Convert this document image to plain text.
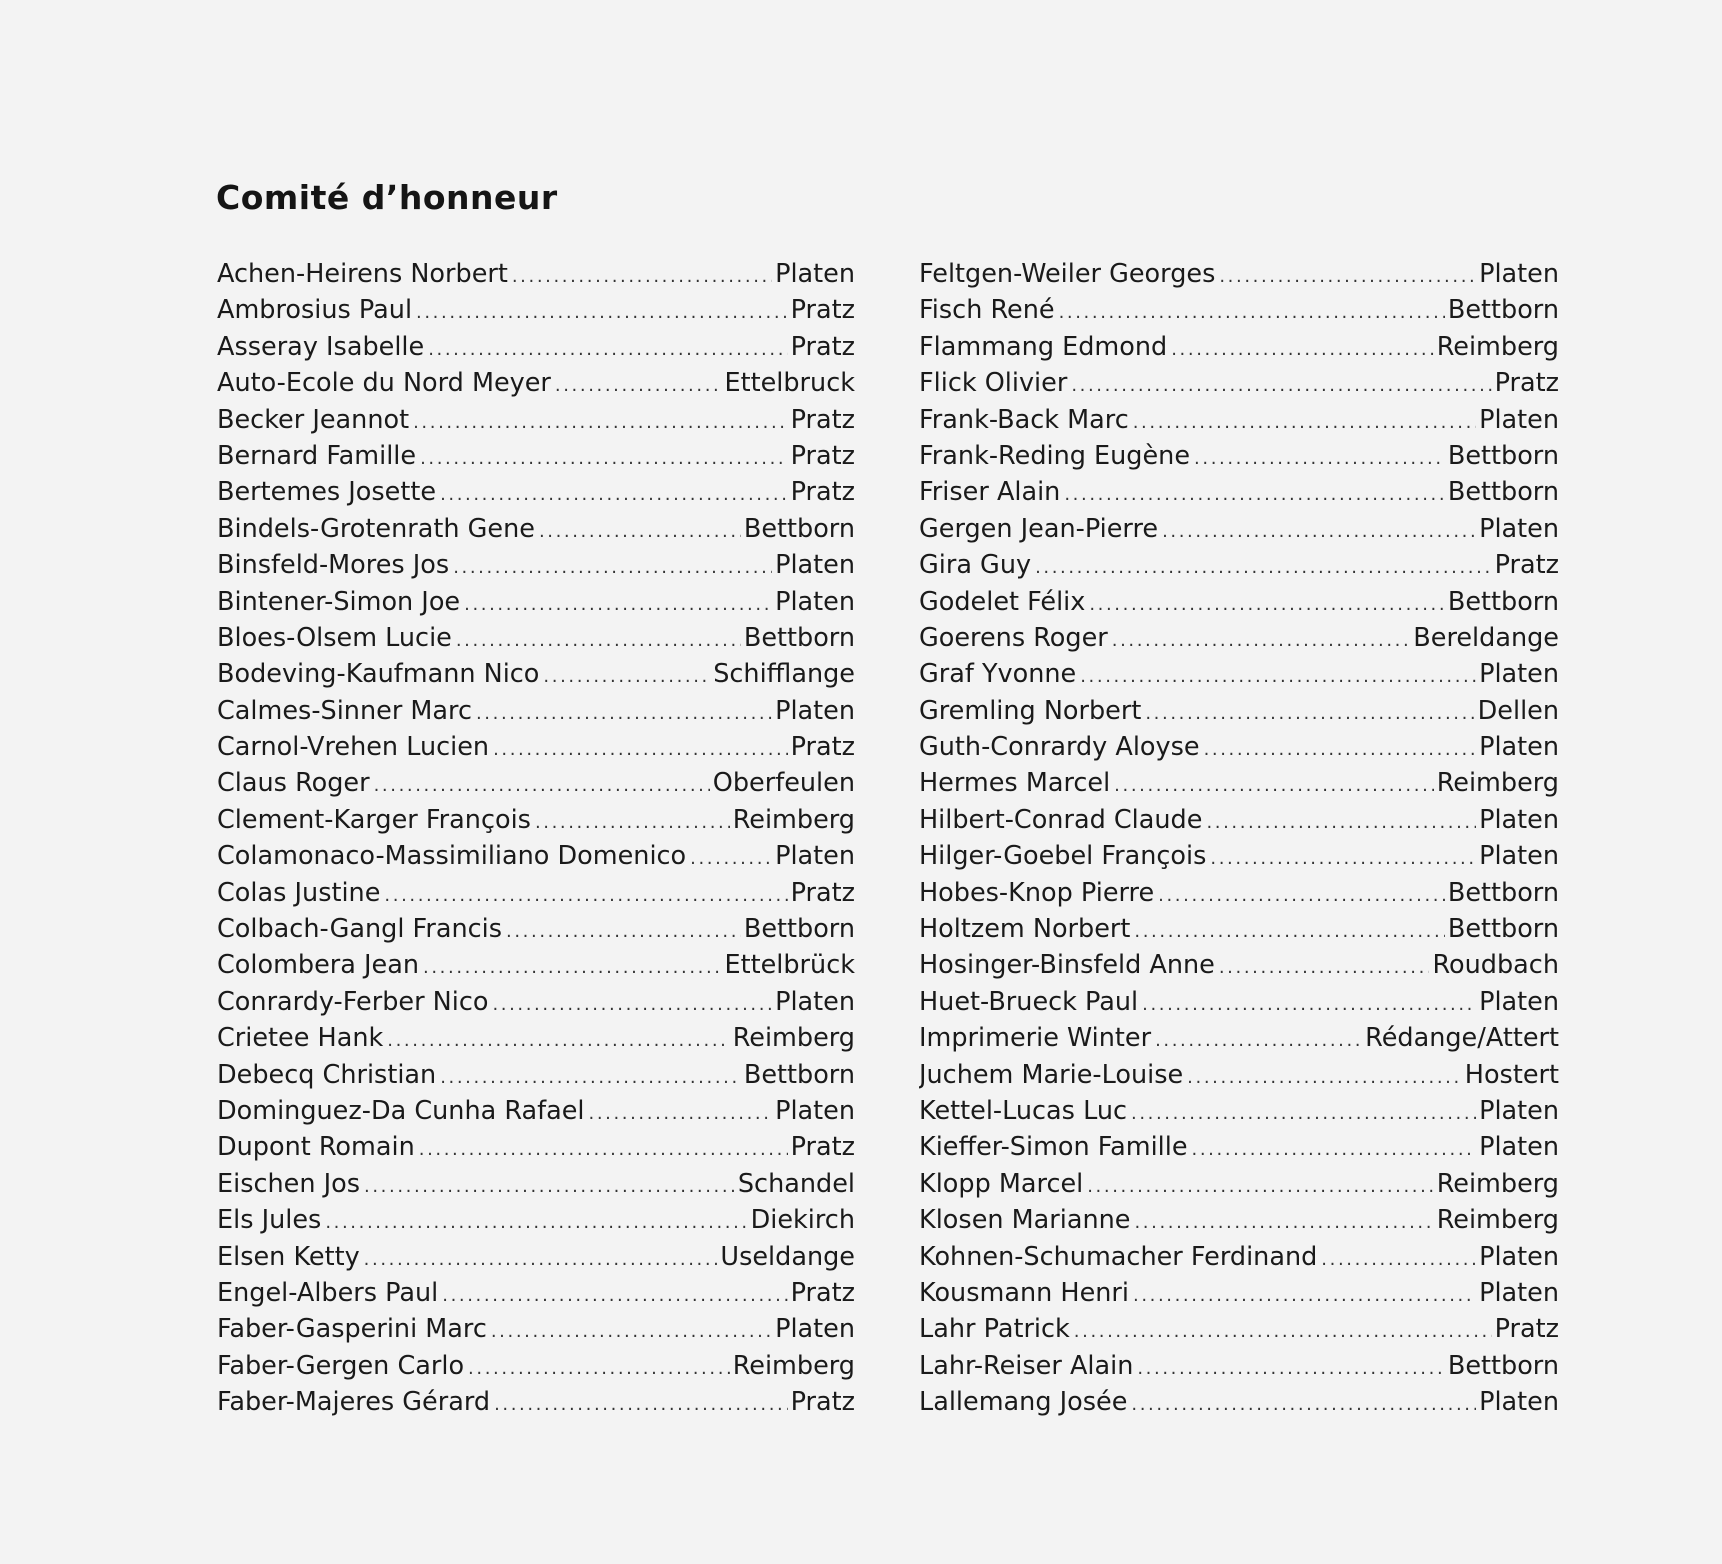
Comité d’honneur
Achen-Heirens Norbert .....	Platen
Ambrosius Paul .....	Pratz
Asseray Isabelle .....	Pratz
Auto-Ecole du Nord Meyer .....	Ettelbruck
Becker Jeannot .....	Pratz
Bernard Famille .....	Pratz
Bertemes Josette .....	Pratz
Bindels-Grotenrath Gene .....	Bettborn
Binsfeld-Mores Jos .....	Platen
Bintener-Simon Joe .....	Platen
Bloes-Olsem Lucie .....	Bettborn
Bodeving-Kaufmann Nico .....	Schifflange
Calmes-Sinner Marc .....	Platen
Carnol-Vrehen Lucien .....	Pratz
Claus Roger .....	Oberfeulen
Clement-Karger François .....	Reimberg
Colamonaco-Massimiliano Domenico .....	Platen
Colas Justine .....	Pratz
Colbach-Gangl Francis .....	Bettborn
Colombera Jean .....	Ettelbrück
Conrardy-Ferber Nico .....	Platen
Crietee Hank .....	Reimberg
Debecq Christian .....	Bettborn
Dominguez-Da Cunha Rafael .....	Platen
Dupont Romain .....	Pratz
Eischen Jos .....	Schandel
Els Jules .....	Diekirch
Elsen Ketty .....	Useldange
Engel-Albers Paul .....	Pratz
Faber-Gasperini Marc .....	Platen
Faber-Gergen Carlo .....	Reimberg
Faber-Majeres Gérard .....	Pratz
Feltgen-Weiler Georges .....	Platen
Fisch René .....	Bettborn
Flammang Edmond .....	Reimberg
Flick Olivier .....	Pratz
Frank-Back Marc .....	Platen
Frank-Reding Eugène .....	Bettborn
Friser Alain .....	Bettborn
Gergen Jean-Pierre .....	Platen
Gira Guy .....	Pratz
Godelet Félix .....	Bettborn
Goerens Roger .....	Bereldange
Graf Yvonne .....	Platen
Gremling Norbert .....	Dellen
Guth-Conrardy Aloyse .....	Platen
Hermes Marcel .....	Reimberg
Hilbert-Conrad Claude .....	Platen
Hilger-Goebel François .....	Platen
Hobes-Knop Pierre .....	Bettborn
Holtzem Norbert .....	Bettborn
Hosinger-Binsfeld Anne .....	Roudbach
Huet-Brueck Paul .....	Platen
Imprimerie Winter .....	Rédange/Attert
Juchem Marie-Louise .....	Hostert
Kettel-Lucas Luc .....	Platen
Kieffer-Simon Famille .....	Platen
Klopp Marcel .....	Reimberg
Klosen Marianne .....	Reimberg
Kohnen-Schumacher Ferdinand .....	Platen
Kousmann Henri .....	Platen
Lahr Patrick .....	Pratz
Lahr-Reiser Alain .....	Bettborn
Lallemang Josée .....	Platen
